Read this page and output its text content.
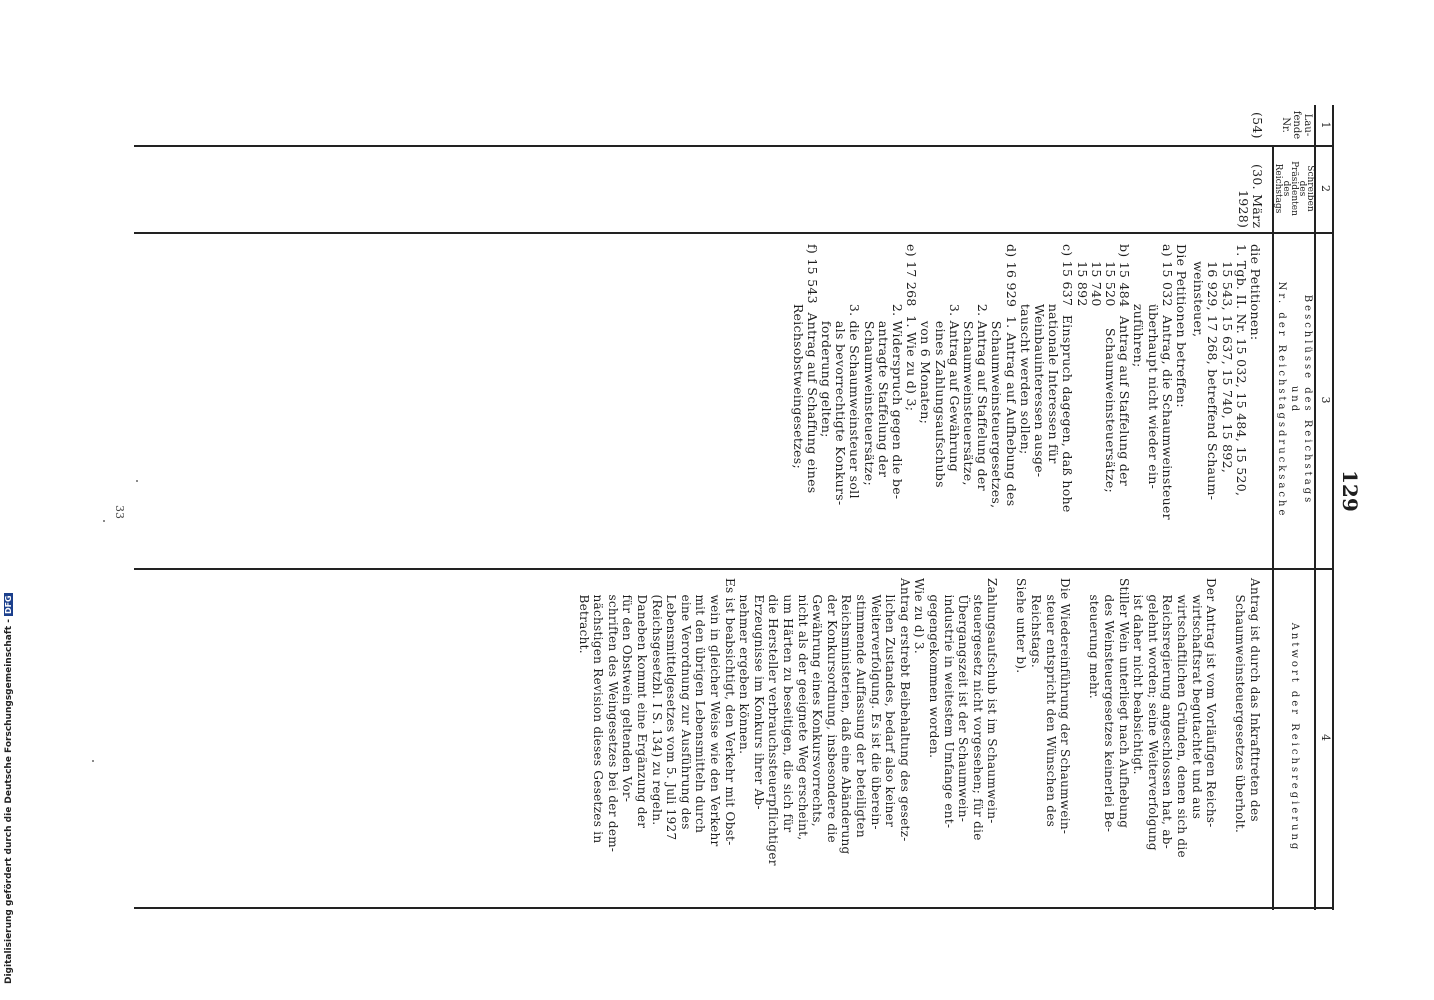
129
1
2
3
4
Lau-
fende
Nr.
Schreiben
des
Präsidenten
des
Reichstags
Beschlüsse des Reichstags
und
Nr. der Reichstagsdrucksache
Antwort der Reichsregierung
(54)
(30. März
1928)
die Petitionen:
1. Tgb. II. Nr. 15 032, 15 484, 15 520,
15 543, 15 637, 15 740, 15 892,
16 929, 17 268, betreffend Schaum-
weinsteuer,
Die Petitionen betreffen:
a) 15 032  Antrag, die Schaumweinsteuer
überhaupt nicht wieder ein-
zuführen;
b) 15 484  Antrag auf Staffelung der
15 520     Schaumweinsteuersätze;
15 740
15 892
c) 15 637  Einspruch dagegen, daß hohe
nationale Interessen für
Weinbauinteressen ausge-
tauscht werden sollen;
d) 16 929  1. Antrag auf Aufhebung des
Schaumweinsteuergesetzes,
2. Antrag auf Staffelung der
Schaumweinsteuersätze,
3. Antrag auf Gewährung
eines Zahlungsaufschubs
von 6 Monaten;
e) 17 268  1. Wie zu d) 3;
2. Widerspruch gegen die be-
antragte Staffelung der
Schaumweinsteuersätze;
3. die Schaumweinsteuer soll
als bevorrechtigte Konkurs-
forderung gelten;
f) 15 543  Antrag auf Schaffung eines
Reichsobstweingesetzes;
Antrag ist durch das Inkrafttreten des
Schaumweinsteuergesetzes überholt.

Der Antrag ist vom Vorläufigen Reichs-
wirtschaftsrat begutachtet und aus
wirtschaftlichen Gründen, denen sich die
Reichsregierung angeschlossen hat, ab-
gelehnt worden; seine Weiterverfolgung
ist daher nicht beabsichtigt.
Stiller Wein unterliegt nach Aufhebung
des Weinsteuergesetzes keinerlei Be-
steuerung mehr.

Die Wiedereinführung der Schaumwein-
steuer entspricht den Wünschen des
Reichstags.
Siehe unter b).

Zahlungsaufschub ist im Schaumwein-
steuergesetz nicht vorgesehen; für die
Übergangszeit ist der Schaumwein-
industrie in weitestem Umfange ent-
gegengekommen worden.
Wie zu d) 3.
Antrag erstrebt Beibehaltung des gesetz-
lichen Zustandes, bedarf also keiner
Weiterverfolgung. Es ist die überein-
stimmende Auffassung der beteiligten
Reichsministerien, daß eine Abänderung
der Konkursordnung, insbesondere die
Gewährung eines Konkursvorrechts,
nicht als der geeignete Weg erscheint,
um Härten zu beseitigen, die sich für
die Hersteller verbrauchssteuerpflichtiger
Erzeugnisse im Konkurs ihrer Ab-
nehmer ergeben können.
Es ist beabsichtigt, den Verkehr mit Obst-
wein in gleicher Weise wie den Verkehr
mit den übrigen Lebensmitteln durch
eine Verordnung zur Ausführung des
Lebensmittelgesetzes vom 5. Juli 1927
(Reichsgesetzbl. I S. 134) zu regeln.
Daneben kommt eine Ergänzung der
für den Obstwein geltenden Vor-
schriften des Weingesetzes bei der dem-
nächstigen Revision dieses Gesetzes in
Betracht.
33
Digitalisierung gefördert durch die Deutsche Forschungsgemeinschaft -DFG
